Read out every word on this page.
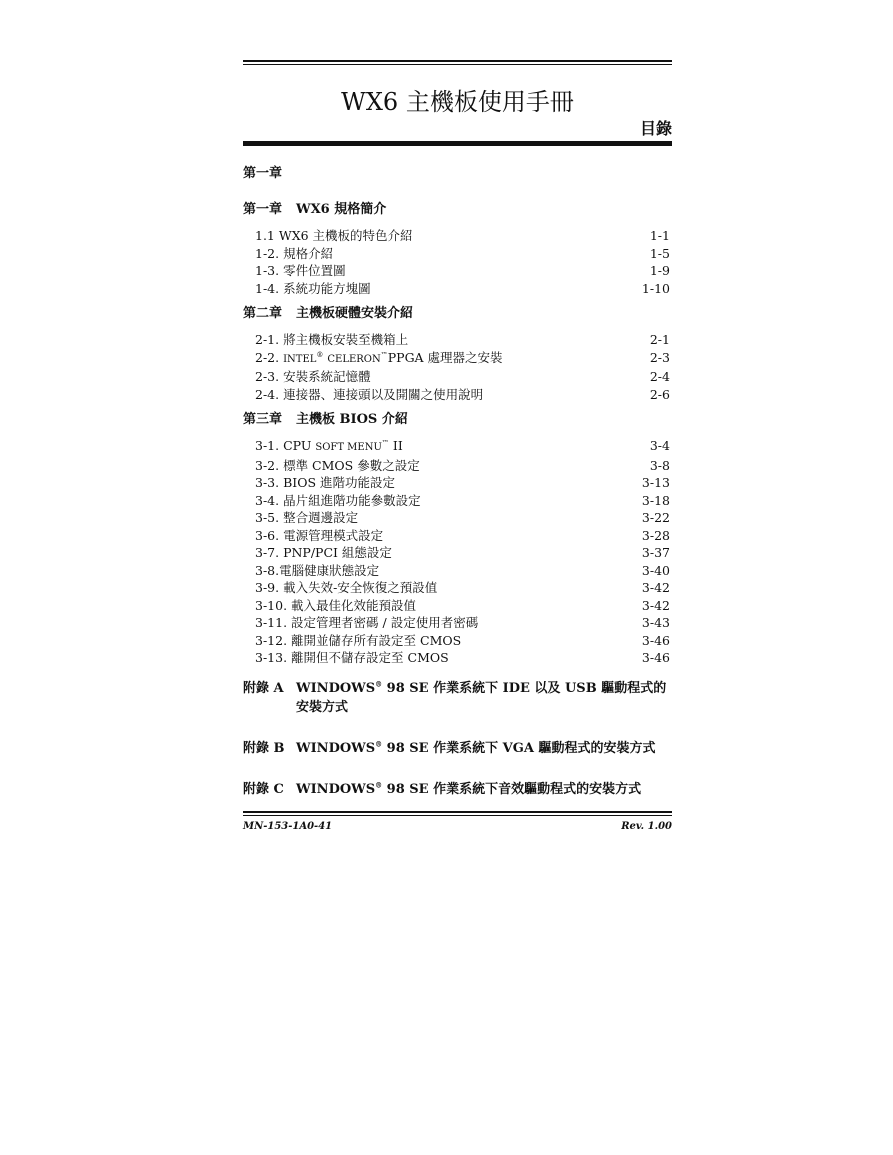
WX6 主機板使用手冊
目錄
第一章
第一章 WX6 規格簡介
1.1 WX6 主機板的特色介紹	1-1
1-2. 規格介紹	1-5
1-3. 零件位置圖	1-9
1-4. 系統功能方塊圖	1-10
第二章 主機板硬體安裝介紹
2-1. 將主機板安裝至機箱上	2-1
2-2. INTEL® CELERON™PPGA 處理器之安裝	2-3
2-3. 安裝系統記憶體	2-4
2-4. 連接器、連接頭以及開關之使用說明	2-6
第三章 主機板 BIOS 介紹
3-1. CPU SOFT MENU™ II	3-4
3-2. 標準 CMOS 參數之設定	3-8
3-3. BIOS 進階功能設定	3-13
3-4. 晶片組進階功能參數設定	3-18
3-5. 整合週邊設定	3-22
3-6. 電源管理模式設定	3-28
3-7. PNP/PCI 組態設定	3-37
3-8.電腦健康狀態設定	3-40
3-9. 載入失效-安全恢復之預設值	3-42
3-10. 載入最佳化效能預設值	3-42
3-11. 設定管理者密碼 / 設定使用者密碼	3-43
3-12. 離開並儲存所有設定至 CMOS	3-46
3-13. 離開但不儲存設定至 CMOS	3-46
附錄 A WINDOWS® 98 SE 作業系統下 IDE 以及 USB 驅動程式的安裝方式
附錄 B WINDOWS® 98 SE 作業系統下 VGA 驅動程式的安裝方式
附錄 C WINDOWS® 98 SE 作業系統下音效驅動程式的安裝方式
MN-153-1A0-41	Rev. 1.00
